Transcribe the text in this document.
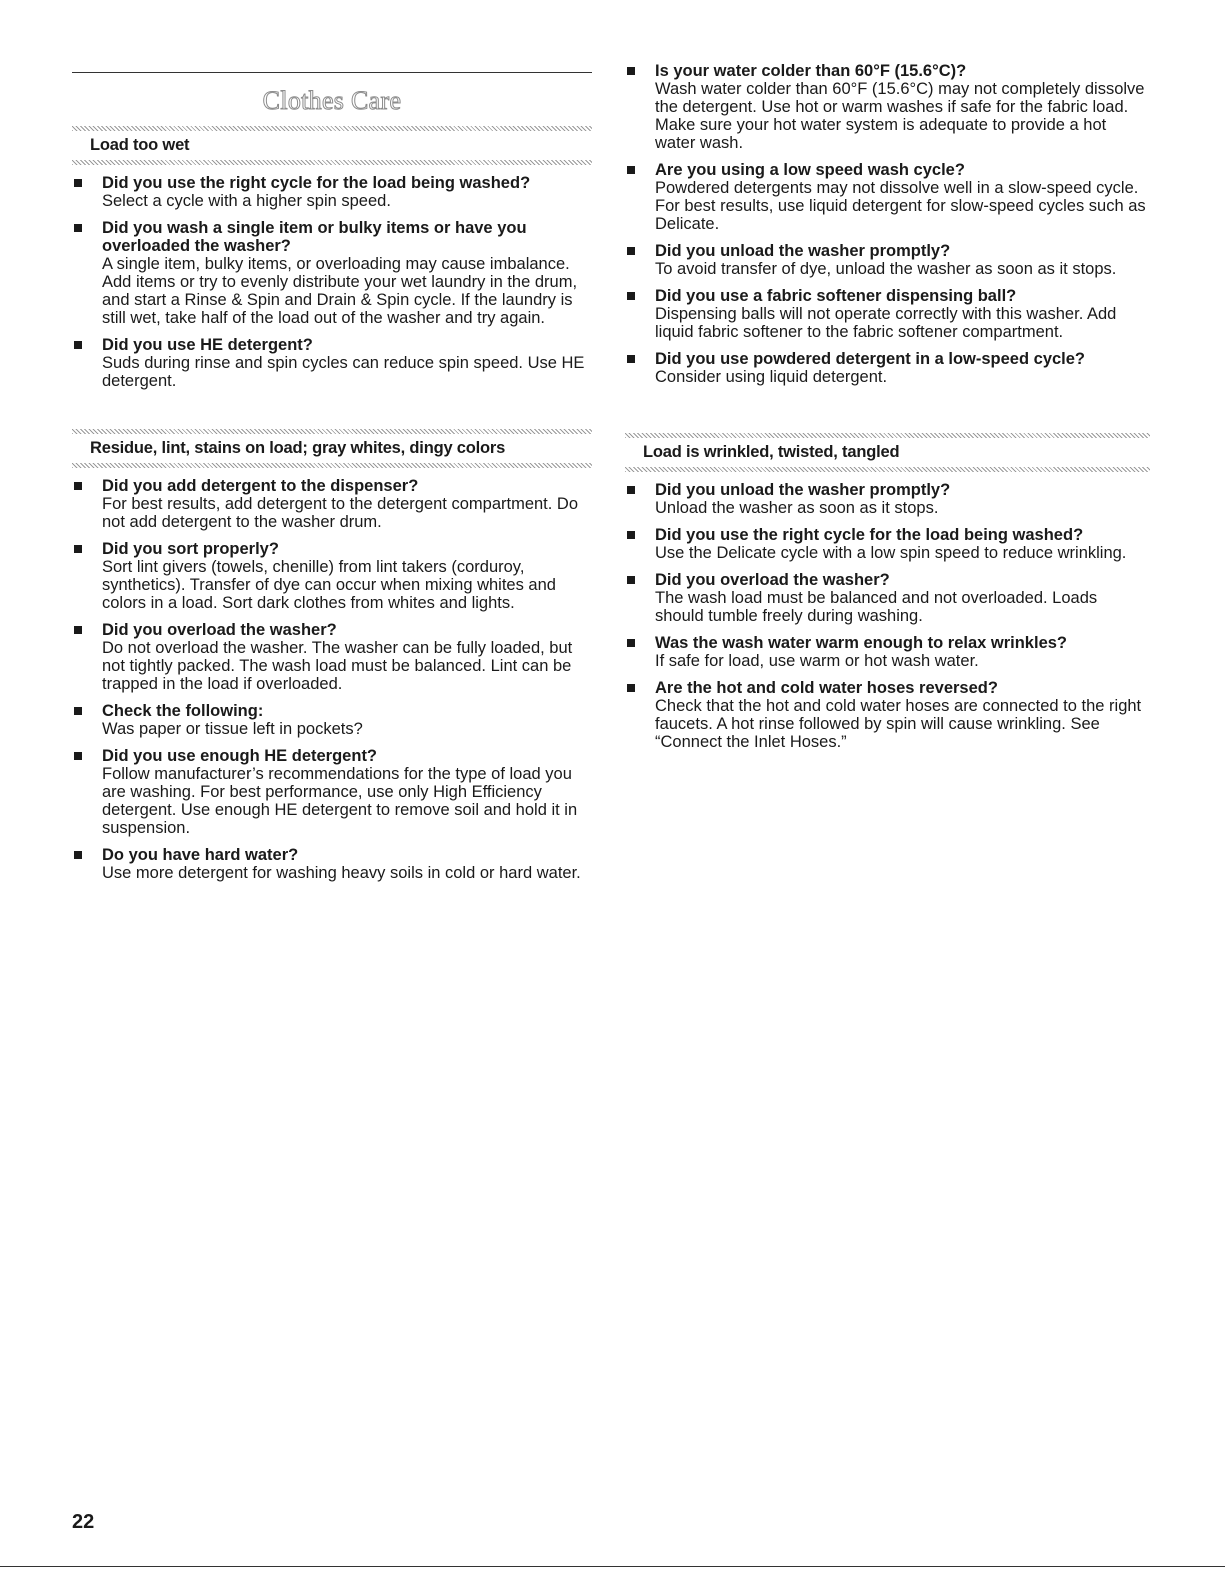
Clothes Care
Load too wet
Did you use the right cycle for the load being washed?
Select a cycle with a higher spin speed.
Did you wash a single item or bulky items or have you overloaded the washer?
A single item, bulky items, or overloading may cause imbalance. Add items or try to evenly distribute your wet laundry in the drum, and start a Rinse & Spin and Drain & Spin cycle. If the laundry is still wet, take half of the load out of the washer and try again.
Did you use HE detergent?
Suds during rinse and spin cycles can reduce spin speed. Use HE detergent.
Residue, lint, stains on load; gray whites, dingy colors
Did you add detergent to the dispenser?
For best results, add detergent to the detergent compartment. Do not add detergent to the washer drum.
Did you sort properly?
Sort lint givers (towels, chenille) from lint takers (corduroy, synthetics). Transfer of dye can occur when mixing whites and colors in a load. Sort dark clothes from whites and lights.
Did you overload the washer?
Do not overload the washer. The washer can be fully loaded, but not tightly packed. The wash load must be balanced. Lint can be trapped in the load if overloaded.
Check the following:
Was paper or tissue left in pockets?
Did you use enough HE detergent?
Follow manufacturer’s recommendations for the type of load you are washing. For best performance, use only High Efficiency detergent. Use enough HE detergent to remove soil and hold it in suspension.
Do you have hard water?
Use more detergent for washing heavy soils in cold or hard water.
Is your water colder than 60°F (15.6°C)?
Wash water colder than 60°F (15.6°C) may not completely dissolve the detergent. Use hot or warm washes if safe for the fabric load. Make sure your hot water system is adequate to provide a hot water wash.
Are you using a low speed wash cycle?
Powdered detergents may not dissolve well in a slow-speed cycle. For best results, use liquid detergent for slow-speed cycles such as Delicate.
Did you unload the washer promptly?
To avoid transfer of dye, unload the washer as soon as it stops.
Did you use a fabric softener dispensing ball?
Dispensing balls will not operate correctly with this washer. Add liquid fabric softener to the fabric softener compartment.
Did you use powdered detergent in a low-speed cycle?
Consider using liquid detergent.
Load is wrinkled, twisted, tangled
Did you unload the washer promptly?
Unload the washer as soon as it stops.
Did you use the right cycle for the load being washed?
Use the Delicate cycle with a low spin speed to reduce wrinkling.
Did you overload the washer?
The wash load must be balanced and not overloaded. Loads should tumble freely during washing.
Was the wash water warm enough to relax wrinkles?
If safe for load, use warm or hot wash water.
Are the hot and cold water hoses reversed?
Check that the hot and cold water hoses are connected to the right faucets. A hot rinse followed by spin will cause wrinkling. See “Connect the Inlet Hoses.”
22
